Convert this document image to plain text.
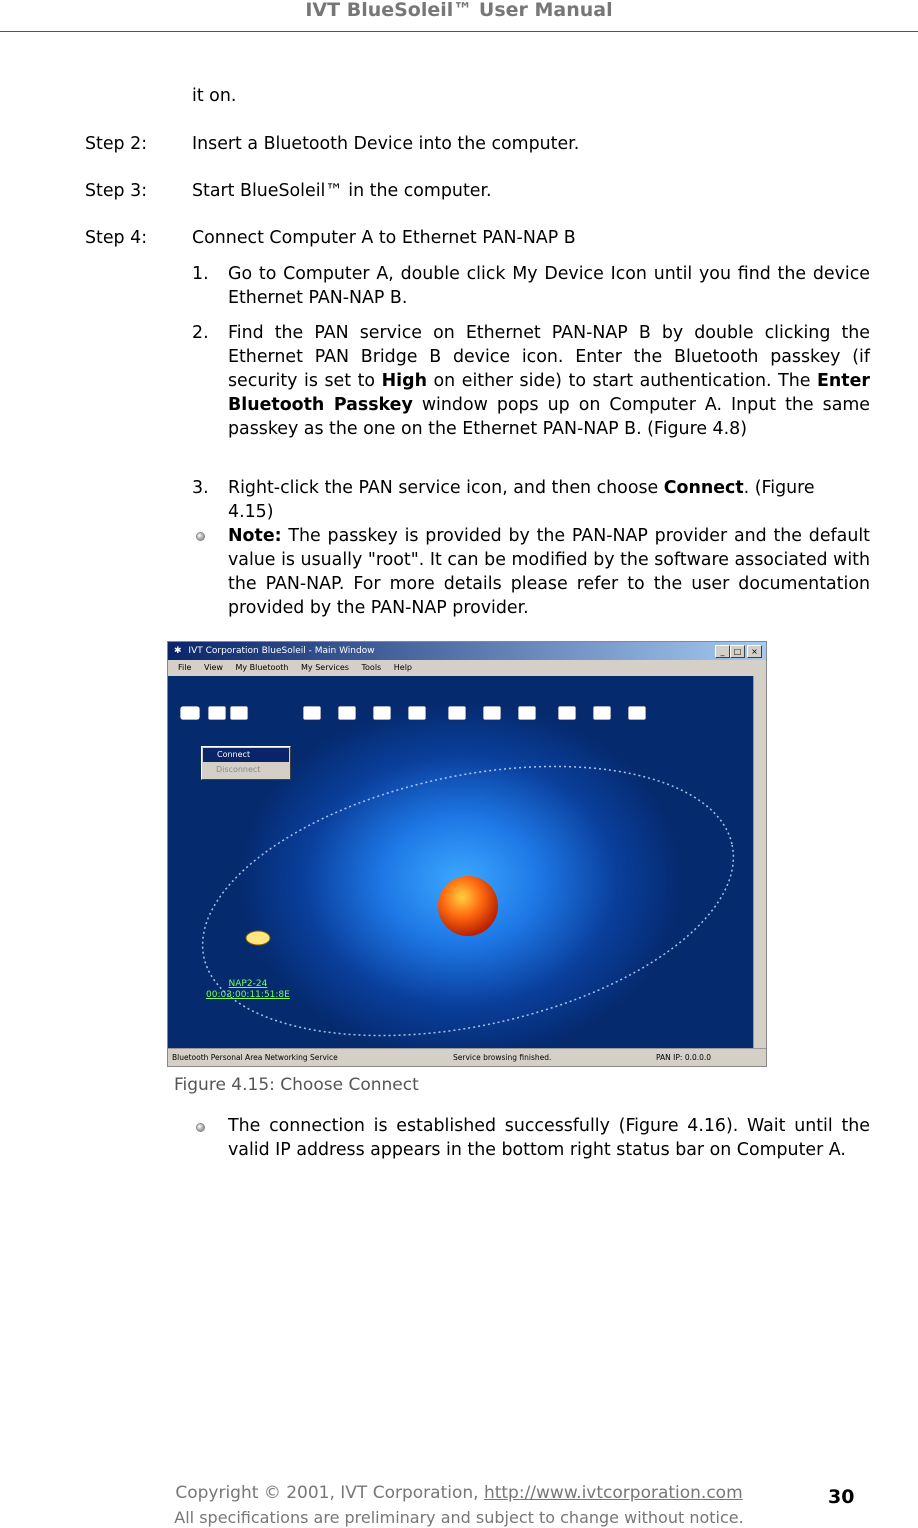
IVT BlueSoleil™ User Manual
it on.
Step 2:	Insert a Bluetooth Device into the computer.
Step 3:	Start BlueSoleil™ in the computer.
Step 4:	Connect Computer A to Ethernet PAN-NAP B
1. Go to Computer A, double click My Device Icon until you find the device Ethernet PAN-NAP B.
2. Find the PAN service on Ethernet PAN-NAP B by double clicking the Ethernet PAN Bridge B device icon. Enter the Bluetooth passkey (if security is set to High on either side) to start authentication. The Enter Bluetooth Passkey window pops up on Computer A. Input the same passkey as the one on the Ethernet PAN-NAP B. (Figure 4.8)
3. Right-click the PAN service icon, and then choose Connect. (Figure 4.15)
Note: The passkey is provided by the PAN-NAP provider and the default value is usually "root". It can be modified by the software associated with the PAN-NAP. For more details please refer to the user documentation provided by the PAN-NAP provider.
✱ IVT Corporation BlueSoleil - Main Window	_	□	×
File View My Bluetooth My Services Tools Help
Connect
Disconnect
NAP2-24
00:03:00:11:51:8E
Bluetooth Personal Area Networking Service	Service browsing finished.	PAN IP: 0.0.0.0
Figure 4.15: Choose Connect
The connection is established successfully (Figure 4.16). Wait until the valid IP address appears in the bottom right status bar on Computer A.
Copyright © 2001, IVT Corporation, http://www.ivtcorporation.com
All specifications are preliminary and subject to change without notice.
30
